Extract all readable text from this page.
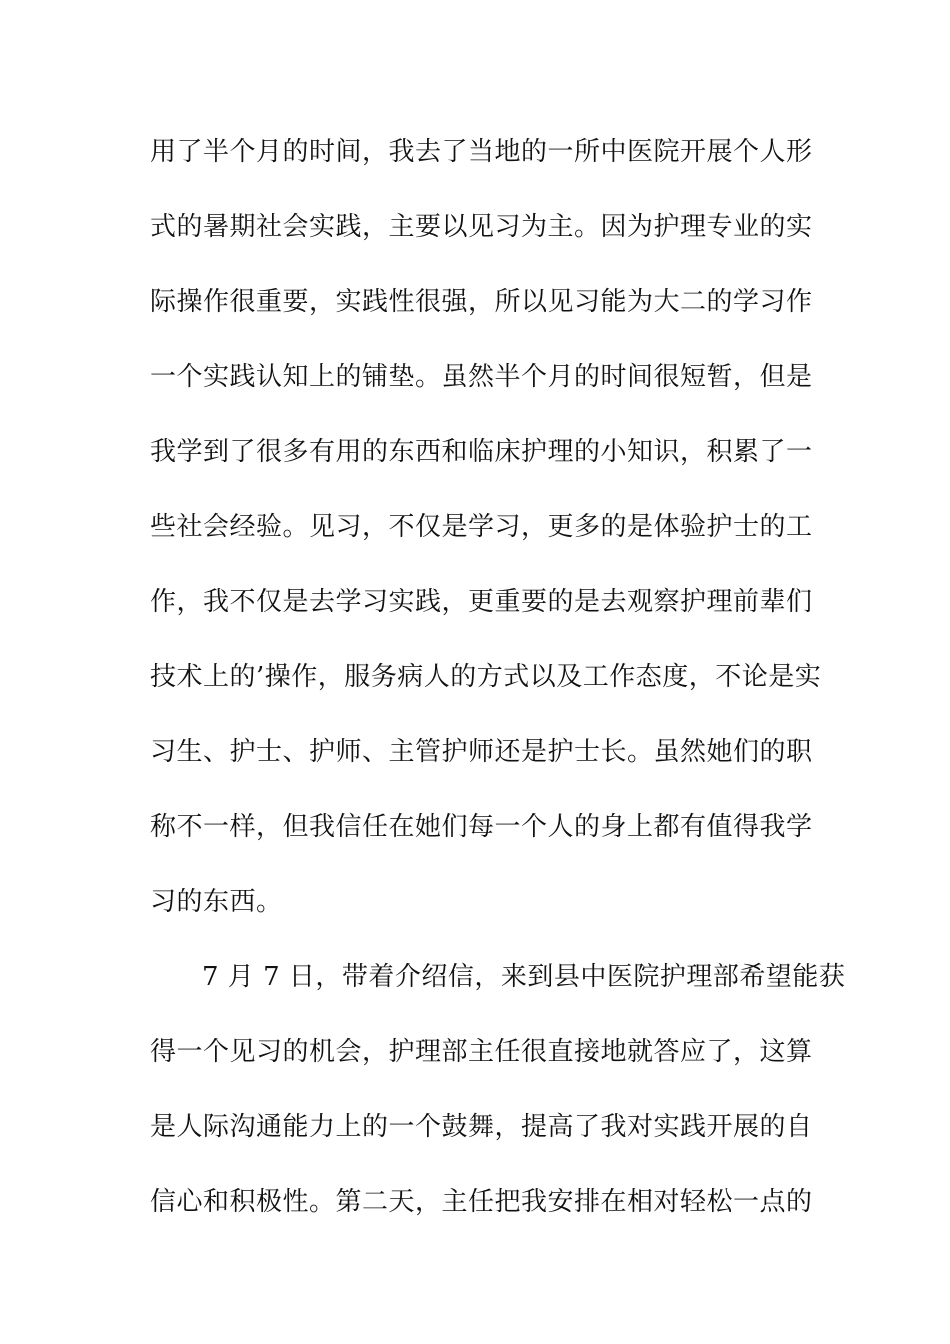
用了半个月的时间，我去了当地的一所中医院开展个人形
式的暑期社会实践，主要以见习为主。因为护理专业的实
际操作很重要，实践性很强，所以见习能为大二的学习作
一个实践认知上的铺垫。虽然半个月的时间很短暂，但是
我学到了很多有用的东西和临床护理的小知识，积累了一
些社会经验。见习，不仅是学习，更多的是体验护士的工
作，我不仅是去学习实践，更重要的是去观察护理前辈们
技术上的’操作，服务病人的方式以及工作态度，不论是实
习生、护士、护师、主管护师还是护士长。虽然她们的职
称不一样，但我信任在她们每一个人的身上都有值得我学
习的东西。
7 月 7 日，带着介绍信，来到县中医院护理部希望能获
得一个见习的机会，护理部主任很直接地就答应了，这算
是人际沟通能力上的一个鼓舞，提高了我对实践开展的自
信心和积极性。第二天，主任把我安排在相对轻松一点的
